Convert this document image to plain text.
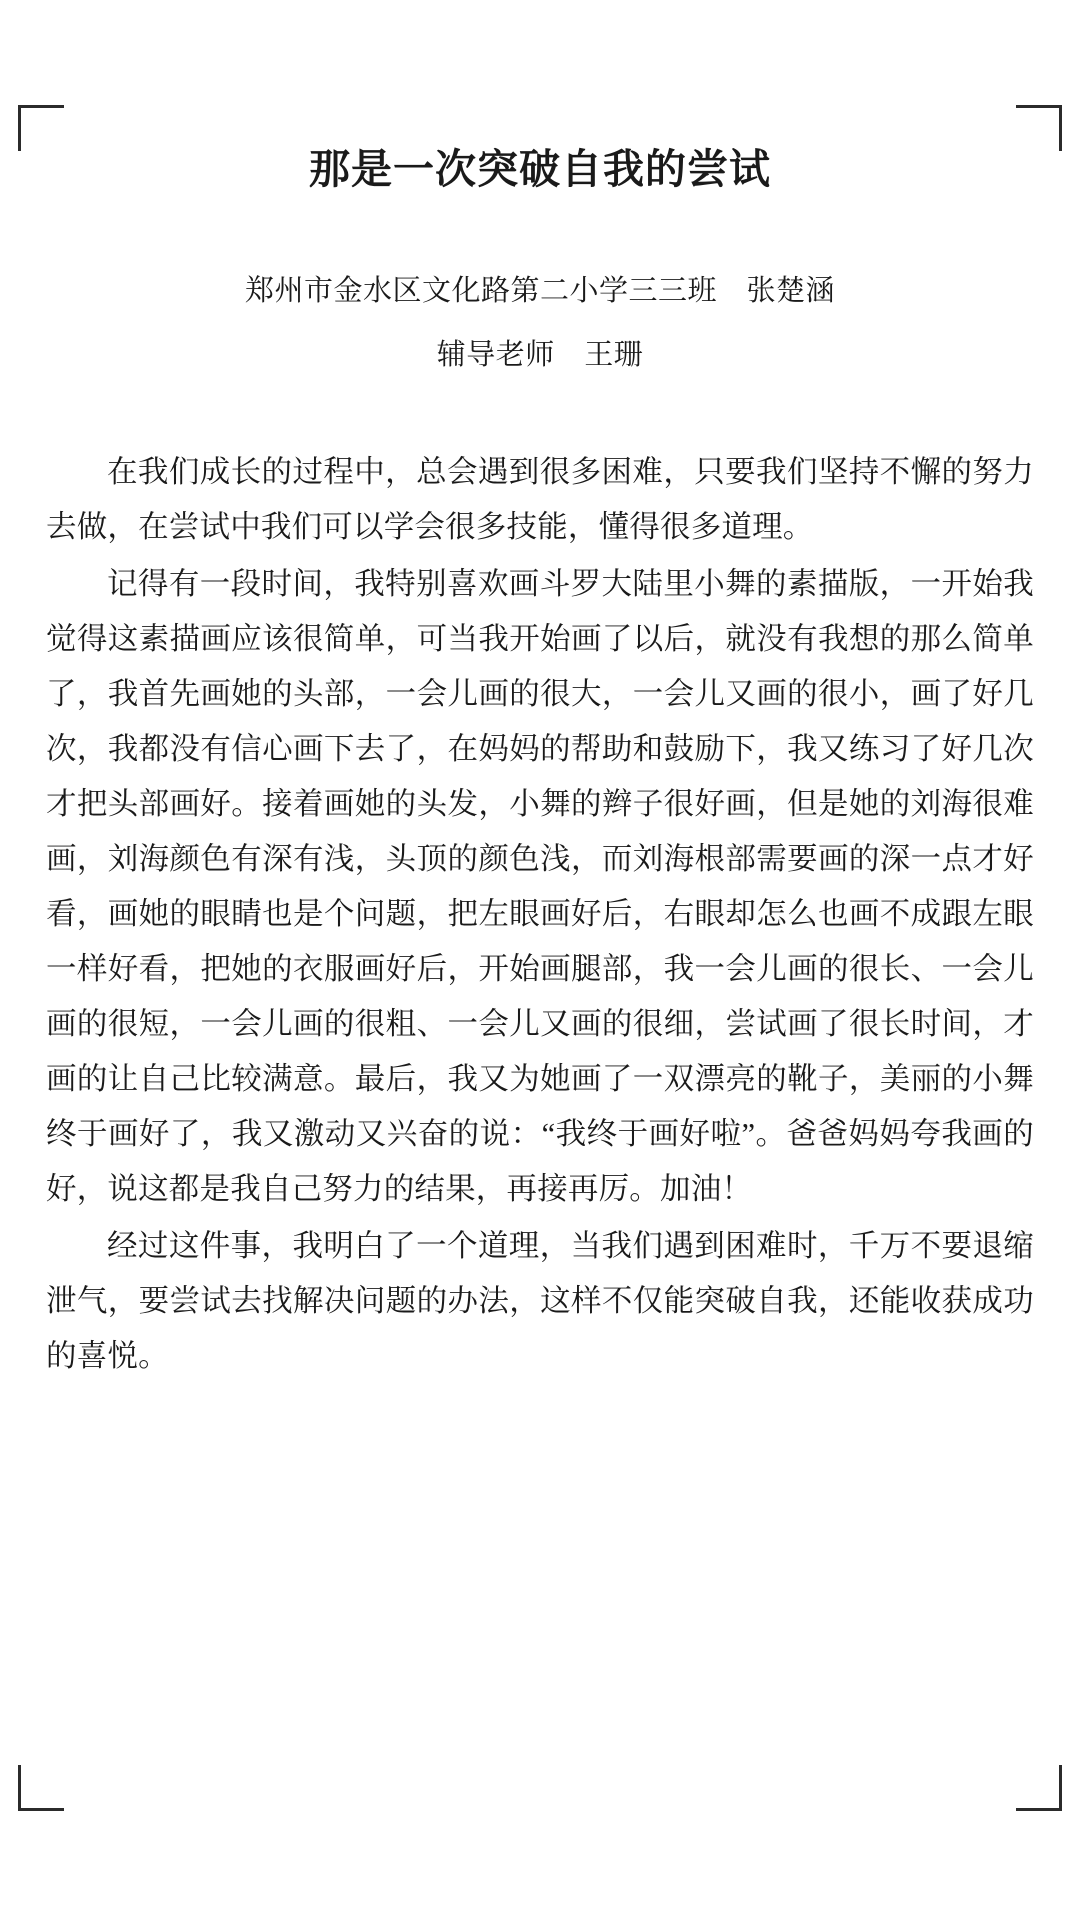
那是一次突破自我的尝试
郑州市金水区文化路第二小学三三班　张楚涵
辅导老师　王珊

在我们成长的过程中，总会遇到很多困难，只要我们坚持不懈的努力去做，在尝试中我们可以学会很多技能，懂得很多道理。

记得有一段时间，我特别喜欢画斗罗大陆里小舞的素描版，一开始我觉得这素描画应该很简单，可当我开始画了以后，就没有我想的那么简单了，我首先画她的头部，一会儿画的很大，一会儿又画的很小，画了好几次，我都没有信心画下去了，在妈妈的帮助和鼓励下，我又练习了好几次才把头部画好。接着画她的头发，小舞的辫子很好画，但是她的刘海很难画，刘海颜色有深有浅，头顶的颜色浅，而刘海根部需要画的深一点才好看，画她的眼睛也是个问题，把左眼画好后，右眼却怎么也画不成跟左眼一样好看，把她的衣服画好后，开始画腿部，我一会儿画的很长、一会儿画的很短，一会儿画的很粗、一会儿又画的很细，尝试画了很长时间，才画的让自己比较满意。最后，我又为她画了一双漂亮的靴子，美丽的小舞终于画好了，我又激动又兴奋的说：“我终于画好啦”。爸爸妈妈夸我画的好，说这都是我自己努力的结果，再接再厉。加油！

经过这件事，我明白了一个道理，当我们遇到困难时，千万不要退缩泄气，要尝试去找解决问题的办法，这样不仅能突破自我，还能收获成功的喜悦。
